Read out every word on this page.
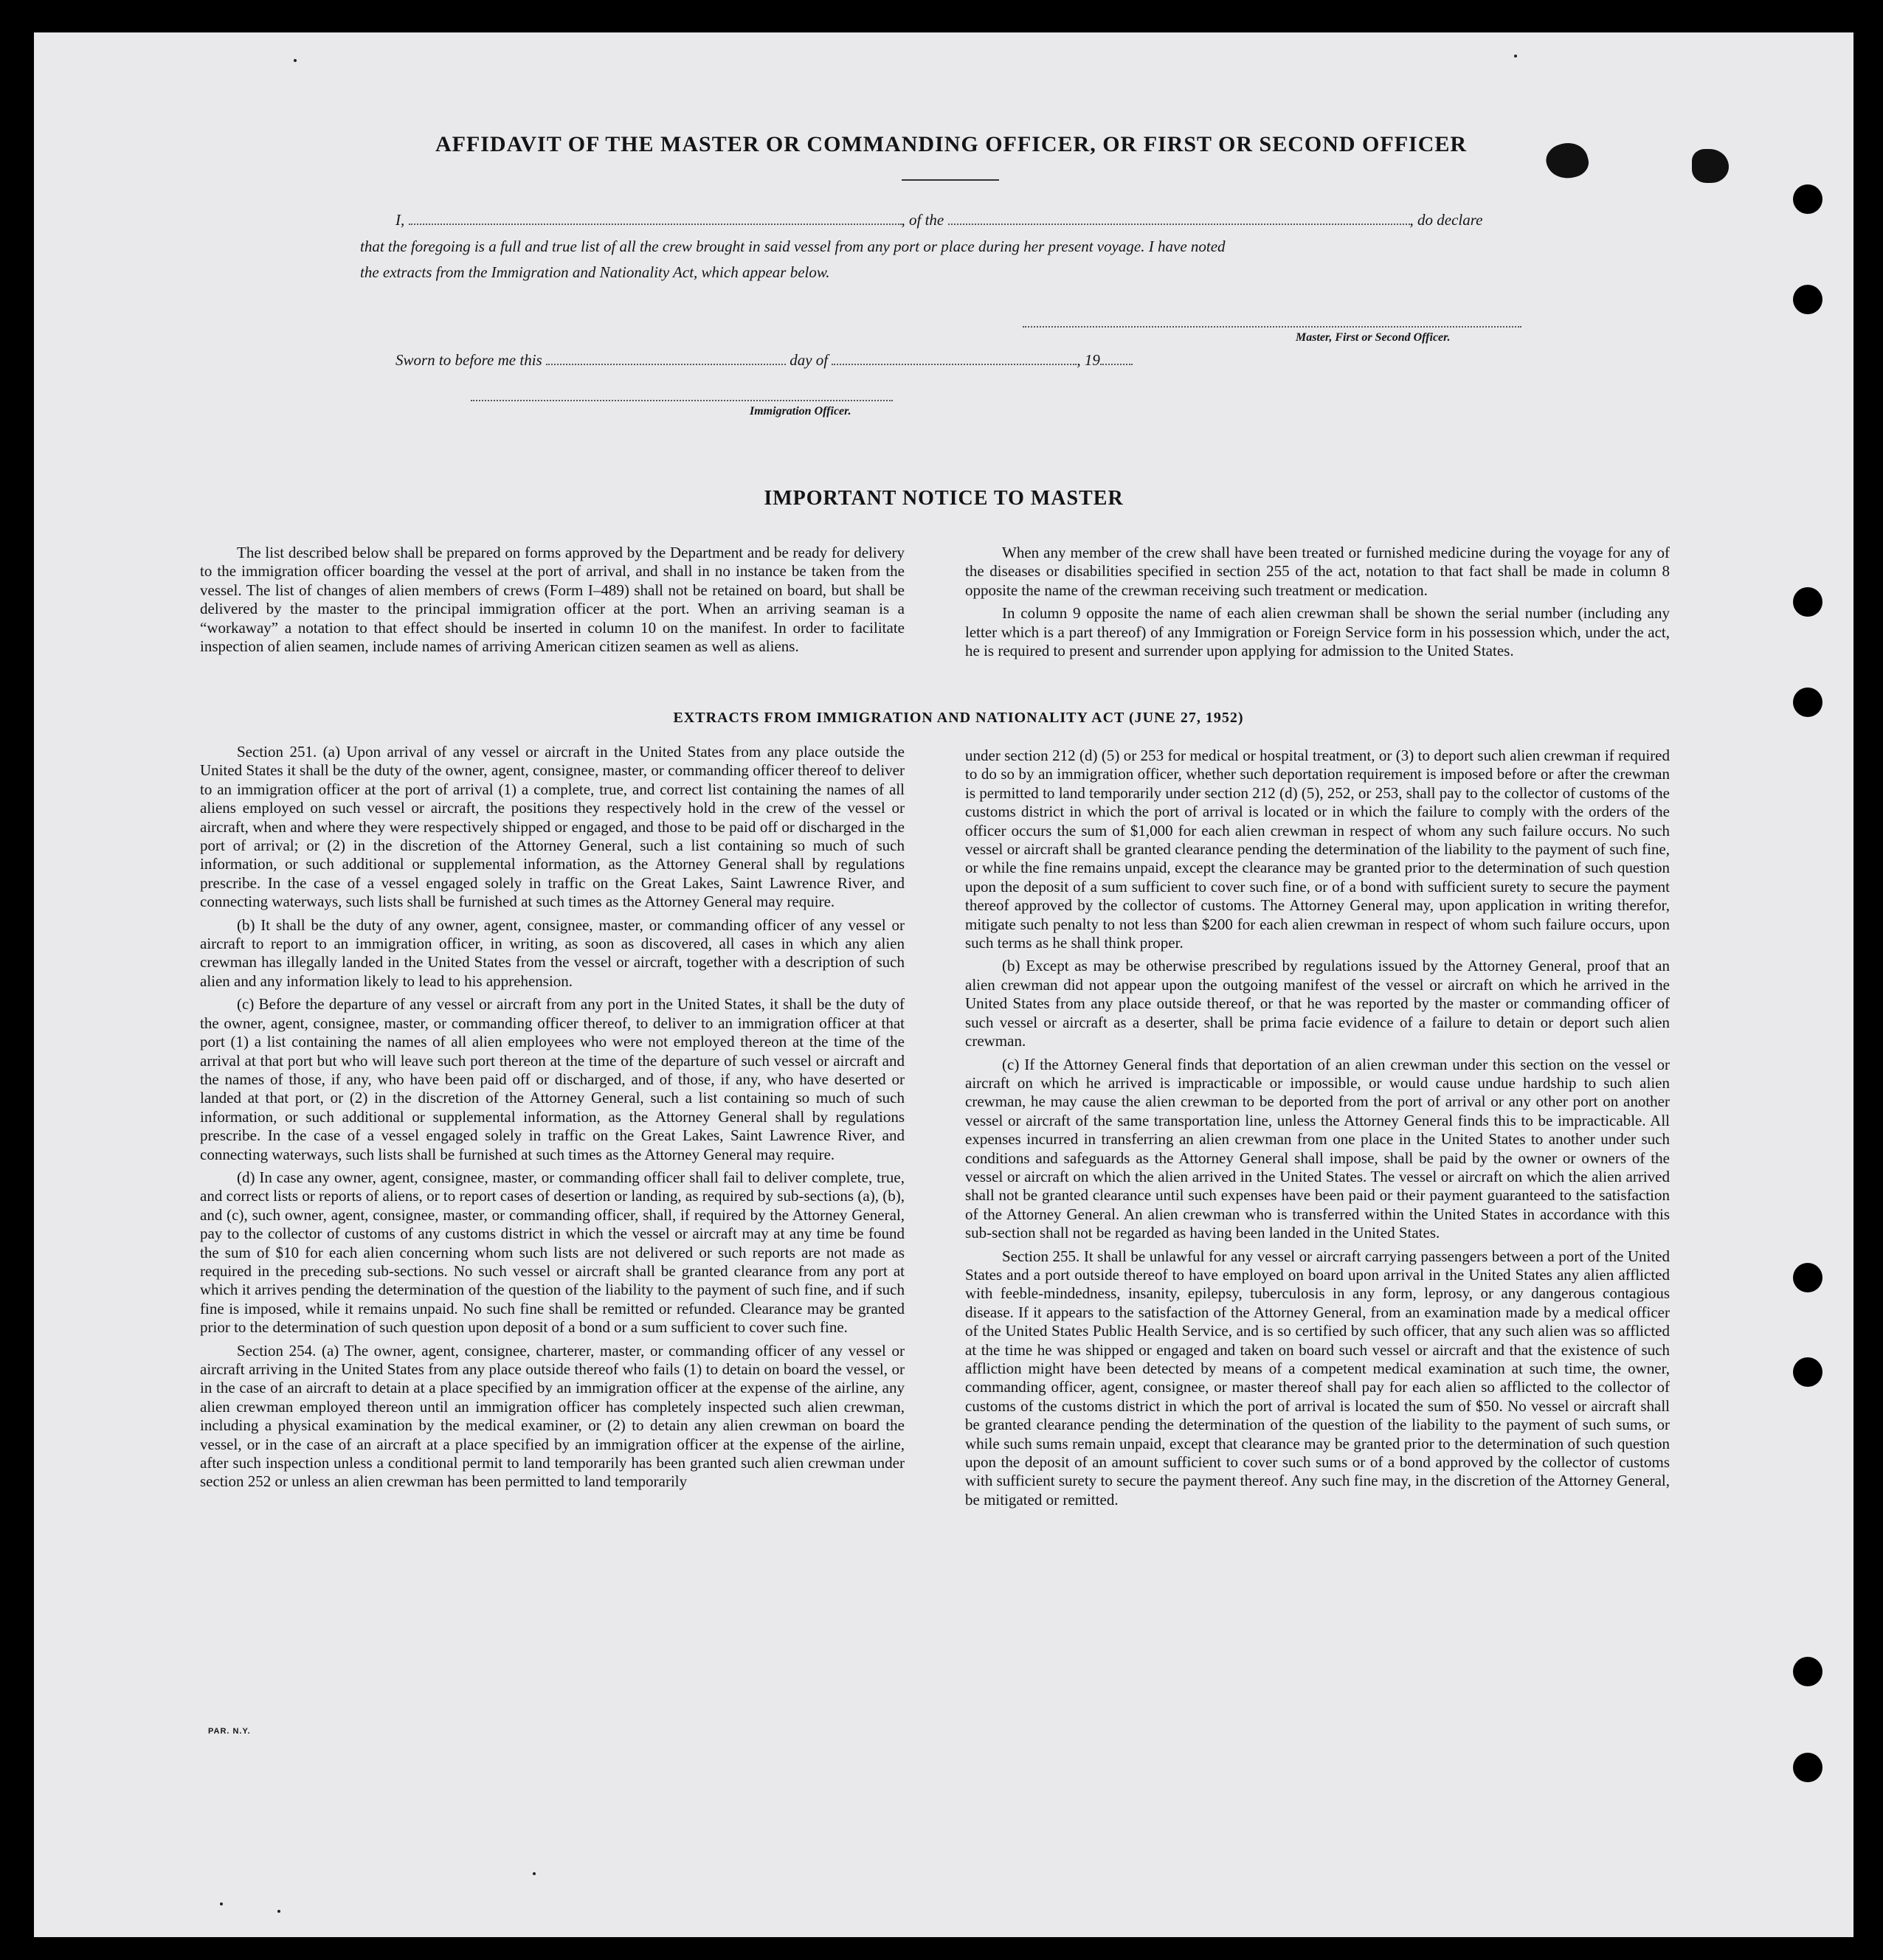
AFFIDAVIT OF THE MASTER OR COMMANDING OFFICER, OR FIRST OR SECOND OFFICER
I,	, of the	, do declare
that the foregoing is a full and true list of all the crew brought in said vessel from any port or place during her present voyage. I have noted
the extracts from the Immigration and Nationality Act, which appear below.
Master, First or Second Officer.
Sworn to before me this	day of	, 19
Immigration Officer.
IMPORTANT NOTICE TO MASTER

The list described below shall be prepared on forms approved by the Department and be ready for delivery to the immigration officer boarding the vessel at the port of arrival, and shall in no instance be taken from the vessel. The list of changes of alien members of crews (Form I–489) shall not be retained on board, but shall be delivered by the master to the principal immigration officer at the port. When an arriving seaman is a “workaway” a notation to that effect should be inserted in column 10 on the manifest. In order to facilitate inspection of alien seamen, include names of arriving American citizen seamen as well as aliens.

When any member of the crew shall have been treated or furnished medicine during the voyage for any of the diseases or disabilities specified in section 255 of the act, notation to that fact shall be made in column 8 opposite the name of the crewman receiving such treatment or medication.

In column 9 opposite the name of each alien crewman shall be shown the serial number (including any letter which is a part thereof) of any Immigration or Foreign Service form in his possession which, under the act, he is required to present and surrender upon applying for admission to the United States.

EXTRACTS FROM IMMIGRATION AND NATIONALITY ACT (JUNE 27, 1952)

Section 251. (a) Upon arrival of any vessel or aircraft in the United States from any place outside the United States it shall be the duty of the owner, agent, consignee, master, or commanding officer thereof to deliver to an immigration officer at the port of arrival (1) a complete, true, and correct list containing the names of all aliens employed on such vessel or aircraft, the positions they respectively hold in the crew of the vessel or aircraft, when and where they were respectively shipped or engaged, and those to be paid off or discharged in the port of arrival; or (2) in the discretion of the Attorney General, such a list containing so much of such information, or such additional or supplemental information, as the Attorney General shall by regulations prescribe. In the case of a vessel engaged solely in traffic on the Great Lakes, Saint Lawrence River, and connecting waterways, such lists shall be furnished at such times as the Attorney General may require.

(b) It shall be the duty of any owner, agent, consignee, master, or commanding officer of any vessel or aircraft to report to an immigration officer, in writing, as soon as discovered, all cases in which any alien crewman has illegally landed in the United States from the vessel or aircraft, together with a description of such alien and any information likely to lead to his apprehension.

(c) Before the departure of any vessel or aircraft from any port in the United States, it shall be the duty of the owner, agent, consignee, master, or commanding officer thereof, to deliver to an immigration officer at that port (1) a list containing the names of all alien employees who were not employed thereon at the time of the arrival at that port but who will leave such port thereon at the time of the departure of such vessel or aircraft and the names of those, if any, who have been paid off or discharged, and of those, if any, who have deserted or landed at that port, or (2) in the discretion of the Attorney General, such a list containing so much of such information, or such additional or supplemental information, as the Attorney General shall by regulations prescribe. In the case of a vessel engaged solely in traffic on the Great Lakes, Saint Lawrence River, and connecting waterways, such lists shall be furnished at such times as the Attorney General may require.

(d) In case any owner, agent, consignee, master, or commanding officer shall fail to deliver complete, true, and correct lists or reports of aliens, or to report cases of desertion or landing, as required by sub-sections (a), (b), and (c), such owner, agent, consignee, master, or commanding officer, shall, if required by the Attorney General, pay to the collector of customs of any customs district in which the vessel or aircraft may at any time be found the sum of $10 for each alien concerning whom such lists are not delivered or such reports are not made as required in the preceding sub-sections. No such vessel or aircraft shall be granted clearance from any port at which it arrives pending the determination of the question of the liability to the payment of such fine, and if such fine is imposed, while it remains unpaid. No such fine shall be remitted or refunded. Clearance may be granted prior to the determination of such question upon deposit of a bond or a sum sufficient to cover such fine.

Section 254. (a) The owner, agent, consignee, charterer, master, or commanding officer of any vessel or aircraft arriving in the United States from any place outside thereof who fails (1) to detain on board the vessel, or in the case of an aircraft to detain at a place specified by an immigration officer at the expense of the airline, any alien crewman employed thereon until an immigration officer has completely inspected such alien crewman, including a physical examination by the medical examiner, or (2) to detain any alien crewman on board the vessel, or in the case of an aircraft at a place specified by an immigration officer at the expense of the airline, after such inspection unless a conditional permit to land temporarily has been granted such alien crewman under section 252 or unless an alien crewman has been permitted to land temporarily

under section 212 (d) (5) or 253 for medical or hospital treatment, or (3) to deport such alien crewman if required to do so by an immigration officer, whether such deportation requirement is imposed before or after the crewman is permitted to land temporarily under section 212 (d) (5), 252, or 253, shall pay to the collector of customs of the customs district in which the port of arrival is located or in which the failure to comply with the orders of the officer occurs the sum of $1,000 for each alien crewman in respect of whom any such failure occurs. No such vessel or aircraft shall be granted clearance pending the determination of the liability to the payment of such fine, or while the fine remains unpaid, except the clearance may be granted prior to the determination of such question upon the deposit of a sum sufficient to cover such fine, or of a bond with sufficient surety to secure the payment thereof approved by the collector of customs. The Attorney General may, upon application in writing therefor, mitigate such penalty to not less than $200 for each alien crewman in respect of whom such failure occurs, upon such terms as he shall think proper.

(b) Except as may be otherwise prescribed by regulations issued by the Attorney General, proof that an alien crewman did not appear upon the outgoing manifest of the vessel or aircraft on which he arrived in the United States from any place outside thereof, or that he was reported by the master or commanding officer of such vessel or aircraft as a deserter, shall be prima facie evidence of a failure to detain or deport such alien crewman.

(c) If the Attorney General finds that deportation of an alien crewman under this section on the vessel or aircraft on which he arrived is impracticable or impossible, or would cause undue hardship to such alien crewman, he may cause the alien crewman to be deported from the port of arrival or any other port on another vessel or aircraft of the same transportation line, unless the Attorney General finds this to be impracticable. All expenses incurred in transferring an alien crewman from one place in the United States to another under such conditions and safeguards as the Attorney General shall impose, shall be paid by the owner or owners of the vessel or aircraft on which the alien arrived in the United States. The vessel or aircraft on which the alien arrived shall not be granted clearance until such expenses have been paid or their payment guaranteed to the satisfaction of the Attorney General. An alien crewman who is transferred within the United States in accordance with this sub-section shall not be regarded as having been landed in the United States.

Section 255. It shall be unlawful for any vessel or aircraft carrying passengers between a port of the United States and a port outside thereof to have employed on board upon arrival in the United States any alien afflicted with feeble-mindedness, insanity, epilepsy, tuberculosis in any form, leprosy, or any dangerous contagious disease. If it appears to the satisfaction of the Attorney General, from an examination made by a medical officer of the United States Public Health Service, and is so certified by such officer, that any such alien was so afflicted at the time he was shipped or engaged and taken on board such vessel or aircraft and that the existence of such affliction might have been detected by means of a competent medical examination at such time, the owner, commanding officer, agent, consignee, or master thereof shall pay for each alien so afflicted to the collector of customs of the customs district in which the port of arrival is located the sum of $50. No vessel or aircraft shall be granted clearance pending the determination of the question of the liability to the payment of such sums, or while such sums remain unpaid, except that clearance may be granted prior to the determination of such question upon the deposit of an amount sufficient to cover such sums or of a bond approved by the collector of customs with sufficient surety to secure the payment thereof. Any such fine may, in the discretion of the Attorney General, be mitigated or remitted.

PAR. N.Y.
